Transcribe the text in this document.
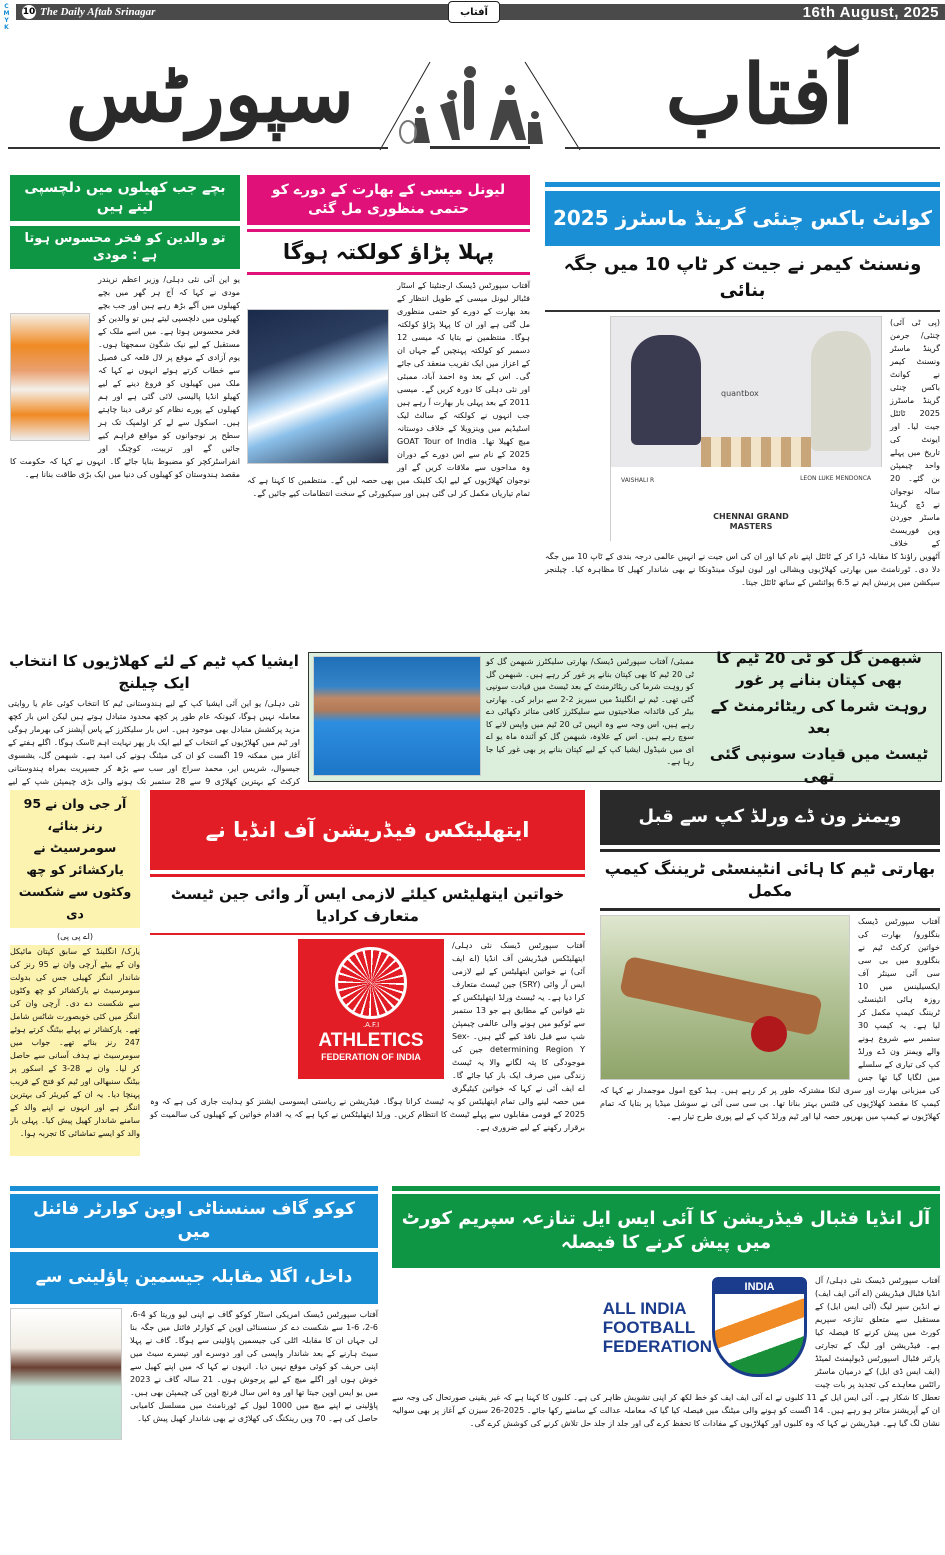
CMYK 10 The Daily Aftab Srinagar	16th August, 2025
آفتاب
آفتاب
سپورٹس
بچے جب کھیلوں میں دلچسپی لیتے ہیں
تو والدین کو فخر محسوس ہوتا ہے : مودی
یو این آئی نئی دہلی/ وزیر اعظم نریندر مودی نے کہا کہ آج ہر گھر میں بچے کھیلوں میں آگے بڑھ رہے ہیں اور جب بچے کھیلوں میں دلچسپی لیتے ہیں تو والدین کو فخر محسوس ہوتا ہے۔ میں اسے ملک کے مستقبل کے لیے نیک شگون سمجھتا ہوں۔ یوم آزادی کے موقع پر لال قلعہ کی فصیل سے خطاب کرتے ہوئے انہوں نے کہا کہ ملک میں کھیلوں کو فروغ دینے کے لیے کھیلو انڈیا پالیسی لائی گئی ہے اور ہم کھیلوں کے پورے نظام کو ترقی دینا چاہتے ہیں۔ اسکول سے لے کر اولمپک تک ہر سطح پر نوجوانوں کو مواقع فراہم کیے جائیں گے اور تربیت، کوچنگ اور انفراسٹرکچر کو مضبوط بنایا جائے گا۔ انہوں نے کہا کہ حکومت کا مقصد ہندوستان کو کھیلوں کی دنیا میں ایک بڑی طاقت بنانا ہے۔
لیونل میسی کے بھارت کے دورے کو حتمی منظوری مل گئی
پہلا پڑاؤ کولکتہ ہوگا
آفتاب سپورٹس ڈیسک ارجنٹینا کے اسٹار فٹبالر لیونل میسی کے طویل انتظار کے بعد بھارت کے دورے کو حتمی منظوری مل گئی ہے اور ان کا پہلا پڑاؤ کولکتہ ہوگا۔ منتظمین نے بتایا کہ میسی 12 دسمبر کو کولکتہ پہنچیں گے جہاں ان کے اعزاز میں ایک تقریب منعقد کی جائے گی۔ اس کے بعد وہ احمد آباد، ممبئی اور نئی دہلی کا دورہ کریں گے۔ میسی 2011 کے بعد پہلی بار بھارت آ رہے ہیں جب انہوں نے کولکتہ کے سالٹ لیک اسٹیڈیم میں وینزویلا کے خلاف دوستانہ میچ کھیلا تھا۔ GOAT Tour of India 2025 کے نام سے اس دورے کے دوران وہ مداحوں سے ملاقات کریں گے اور نوجوان کھلاڑیوں کے لیے ایک کلینک میں بھی حصہ لیں گے۔ منتظمین کا کہنا ہے کہ تمام تیاریاں مکمل کر لی گئی ہیں اور سیکیورٹی کے سخت انتظامات کیے جائیں گے۔
کوانٹ باکس چنئی گرینڈ ماسٹرز 2025
ونسنٹ کیمر نے جیت کر ٹاپ 10 میں جگہ بنائی
quantbox
CHENNAI GRAND MASTERS
VAISHALI R	LEON LUKE MENDONCA
(پی ٹی آئی) چنئی/ جرمن گرینڈ ماسٹر ونسنٹ کیمر نے کوانٹ باکس چنئی گرینڈ ماسٹرز 2025 ٹائٹل جیت لیا۔ اور ایونٹ کی تاریخ میں پہلے واحد چیمپئن بن گئے۔ 20 سالہ نوجوان نے ڈچ گرینڈ ماسٹر جوردن وین فوریسٹ کے خلاف آٹھویں راؤنڈ کا مقابلہ ڈرا کر کے ٹائٹل اپنے نام کیا اور ان کی اس جیت نے انہیں عالمی درجہ بندی کے ٹاپ 10 میں جگہ دلا دی۔ ٹورنامنٹ میں بھارتی کھلاڑیوں ویشالی اور لیون لیوک مینڈونکا نے بھی شاندار کھیل کا مظاہرہ کیا۔ چیلنجر سیکشن میں پرنیش ایم نے 6.5 پوائنٹس کے ساتھ ٹائٹل جیتا۔
ایشیا کپ ٹیم کے لئے کھلاڑیوں کا انتخاب ایک چیلنج
نئی دہلی/ یو این آئی ایشیا کپ کے لیے ہندوستانی ٹیم کا انتخاب کوئی عام یا روایتی معاملہ نہیں ہوگا، کیونکہ عام طور پر کچھ محدود متبادل ہوتے ہیں لیکن اس بار کچھ مزید پرکشش متبادل بھی موجود ہیں۔ اس بار سلیکٹرز کے پاس آپشنز کی بھرمار ہوگی اور ٹیم میں کھلاڑیوں کے انتخاب کے لیے ایک بار پھر نہایت اہم ٹاسک ہوگا۔ اگلے ہفتے کے آغاز میں ممکنہ 19 اگست کو ان کی میٹنگ ہونے کی امید ہے۔ شبھمن گل، یشسوی جیسوال، شریس ایر، محمد سراج اور سب سے بڑھ کر جسپریت بمراہ ہندوستانی کرکٹ کے بہترین کھلاڑی 9 سے 28 ستمبر تک ہونے والی بڑی چیمپئن شپ کے لیے
ممبئی/ آفتاب سپورٹس ڈیسک/ بھارتی سلیکٹرز شبھمن گل کو ٹی 20 ٹیم کا بھی کپتان بنانے پر غور کر رہے ہیں۔ شبھمن گل کو روہت شرما کی ریٹائرمنٹ کے بعد ٹیسٹ میں قیادت سونپی گئی تھی۔ ٹیم نے انگلینڈ میں سیریز 2-2 سے برابر کی۔ بھارتی بیٹر کی قائدانہ صلاحیتوں سے سلیکٹرز کافی متاثر دکھائی دے رہے ہیں، اس وجہ سے وہ انہیں ٹی 20 ٹیم میں واپس لانے کا سوچ رہے ہیں۔ اس کے علاوہ، شبھمن گل کو آئندہ ماہ یو اے ای میں شیڈول ایشیا کپ کے لیے کپتان بنانے پر بھی غور کیا جا رہا ہے۔
شبھمن گل کو ٹی 20 ٹیم کا بھی کپتان بنانے پر غور
روہت شرما کی ریٹائرمنٹ کے بعد
ٹیسٹ میں قیادت سونپی گئی تھی
آر جی وان نے 95 رنز بنائے، سومرسیٹ نے یارکشائر کو چھ وکٹوں سے شکست دی
(اے پی پی)
یارک/ انگلینڈ کے سابق کپتان مائیکل وان کے بیٹے آرچی وان نے 95 رنز کی شاندار اننگز کھیلی جس کی بدولت سومرسیٹ نے یارکشائر کو چھ وکٹوں سے شکست دے دی۔ آرچی وان کی اننگز میں کئی خوبصورت شاٹس شامل تھے۔ یارکشائر نے پہلے بیٹنگ کرتے ہوئے 247 رنز بنائے تھے۔ جواب میں سومرسیٹ نے ہدف آسانی سے حاصل کر لیا۔ وان نے 28-3 کے اسکور پر بیٹنگ سنبھالی اور ٹیم کو فتح کے قریب پہنچا دیا۔ یہ ان کے کیریئر کی بہترین اننگز ہے اور انہوں نے اپنے والد کے سامنے شاندار کھیل پیش کیا۔ پہلی بار والد کو ایسے تماشائی کا تجربہ ہوا۔
ایتھلیٹکس فیڈریشن آف انڈیا نے
خواتین ایتھلیٹس کیلئے لازمی ایس آر وائی جین ٹیسٹ متعارف کرادیا
A.F.I.
ATHLETICS
FEDERATION OF INDIA
آفتاب سپورٹس ڈیسک نئی دہلی/ ایتھلیٹکس فیڈریشن آف انڈیا (اے ایف آئی) نے خواتین ایتھلیٹس کے لیے لازمی ایس آر وائی (SRY) جین ٹیسٹ متعارف کرا دیا ہے۔ یہ ٹیسٹ ورلڈ ایتھلیٹکس کے نئے قوانین کے مطابق ہے جو 13 ستمبر سے ٹوکیو میں ہونے والی عالمی چیمپئن شپ سے قبل نافذ کیے گئے ہیں۔ Sex-determining Region Y جین کی موجودگی کا پتہ لگانے والا یہ ٹیسٹ زندگی میں صرف ایک بار کیا جائے گا۔ اے ایف آئی نے کہا کہ خواتین کیٹیگری میں حصہ لینے والی تمام ایتھلیٹس کو یہ ٹیسٹ کرانا ہوگا۔ فیڈریشن نے ریاستی ایسوسی ایشنز کو ہدایت جاری کی ہے کہ وہ 2025 کے قومی مقابلوں سے پہلے ٹیسٹ کا انتظام کریں۔ ورلڈ ایتھلیٹکس نے کہا ہے کہ یہ اقدام خواتین کے کھیلوں کی سالمیت کو برقرار رکھنے کے لیے ضروری ہے۔
ویمنز ون ڈے ورلڈ کپ سے قبل
بھارتی ٹیم کا ہائی انٹینسٹی ٹریننگ کیمپ مکمل
آفتاب سپورٹس ڈیسک بنگلورو/ بھارت کی خواتین کرکٹ ٹیم نے بنگلورو میں بی سی سی آئی سینٹر آف ایکسیلینس میں 10 روزہ ہائی انٹینسٹی ٹریننگ کیمپ مکمل کر لیا ہے۔ یہ کیمپ 30 ستمبر سے شروع ہونے والے ویمنز ون ڈے ورلڈ کپ کی تیاری کے سلسلے میں لگایا گیا تھا جس کی میزبانی بھارت اور سری لنکا مشترکہ طور پر کر رہے ہیں۔ ہیڈ کوچ امول موجمدار نے کہا کہ کیمپ کا مقصد کھلاڑیوں کی فٹنس بہتر بنانا تھا۔ بی سی سی آئی نے سوشل میڈیا پر بتایا کہ تمام کھلاڑیوں نے کیمپ میں بھرپور حصہ لیا اور ٹیم ورلڈ کپ کے لیے پوری طرح تیار ہے۔
کوکو گاف سنسناٹی اوپن کوارٹر فائنل میں
داخل، اگلا مقابلہ جیسمین پاؤلینی سے
آفتاب سپورٹس ڈیسک امریکی اسٹار کوکو گاف نے اپنی لیو وریتا کو 4-6، 6-2، 6-1 سے شکست دے کر سنسناٹی اوپن کے کوارٹر فائنل میں جگہ بنا لی جہاں ان کا مقابلہ اٹلی کی جیسمین پاؤلینی سے ہوگا۔ گاف نے پہلا سیٹ ہارنے کے بعد شاندار واپسی کی اور دوسرے اور تیسرے سیٹ میں اپنی حریف کو کوئی موقع نہیں دیا۔ انہوں نے کہا کہ میں اپنے کھیل سے خوش ہوں اور اگلے میچ کے لیے پرجوش ہوں۔ 21 سالہ گاف نے 2023 میں یو ایس اوپن جیتا تھا اور وہ اس سال فرنچ اوپن کی چیمپئن بھی ہیں۔ پاؤلینی نے اپنے میچ میں 1000 لیول کے ٹورنامنٹ میں مسلسل کامیابی حاصل کی ہے۔ 70 ویں رینکنگ کی کھلاڑی نے بھی شاندار کھیل پیش کیا۔
آل انڈیا فٹبال فیڈریشن کا آئی ایس ایل تنازعہ سپریم کورٹ میں پیش کرنے کا فیصلہ
INDIA
ALL INDIA
FOOTBALL
FEDERATION
آفتاب سپورٹس ڈیسک نئی دہلی/ آل انڈیا فٹبال فیڈریشن (اے آئی ایف ایف) نے انڈین سپر لیگ (آئی ایس ایل) کے مستقبل سے متعلق تنازعہ سپریم کورٹ میں پیش کرنے کا فیصلہ کیا ہے۔ فیڈریشن اور لیگ کے تجارتی پارٹنر فٹبال اسپورٹس ڈیولپمنٹ لمیٹڈ (ایف ایس ڈی ایل) کے درمیان ماسٹر رائٹس معاہدے کی تجدید پر بات چیت تعطل کا شکار ہے۔ آئی ایس ایل کے 11 کلبوں نے اے آئی ایف ایف کو خط لکھ کر اپنی تشویش ظاہر کی ہے۔ کلبوں کا کہنا ہے کہ غیر یقینی صورتحال کی وجہ سے ان کے آپریشنز متاثر ہو رہے ہیں۔ 14 اگست کو ہونے والی میٹنگ میں فیصلہ کیا گیا کہ معاملہ عدالت کے سامنے رکھا جائے۔ 2025-26 سیزن کے آغاز پر بھی سوالیہ نشان لگ گیا ہے۔ فیڈریشن نے کہا کہ وہ کلبوں اور کھلاڑیوں کے مفادات کا تحفظ کرے گی اور جلد از جلد حل تلاش کرنے کی کوشش کرے گی۔
